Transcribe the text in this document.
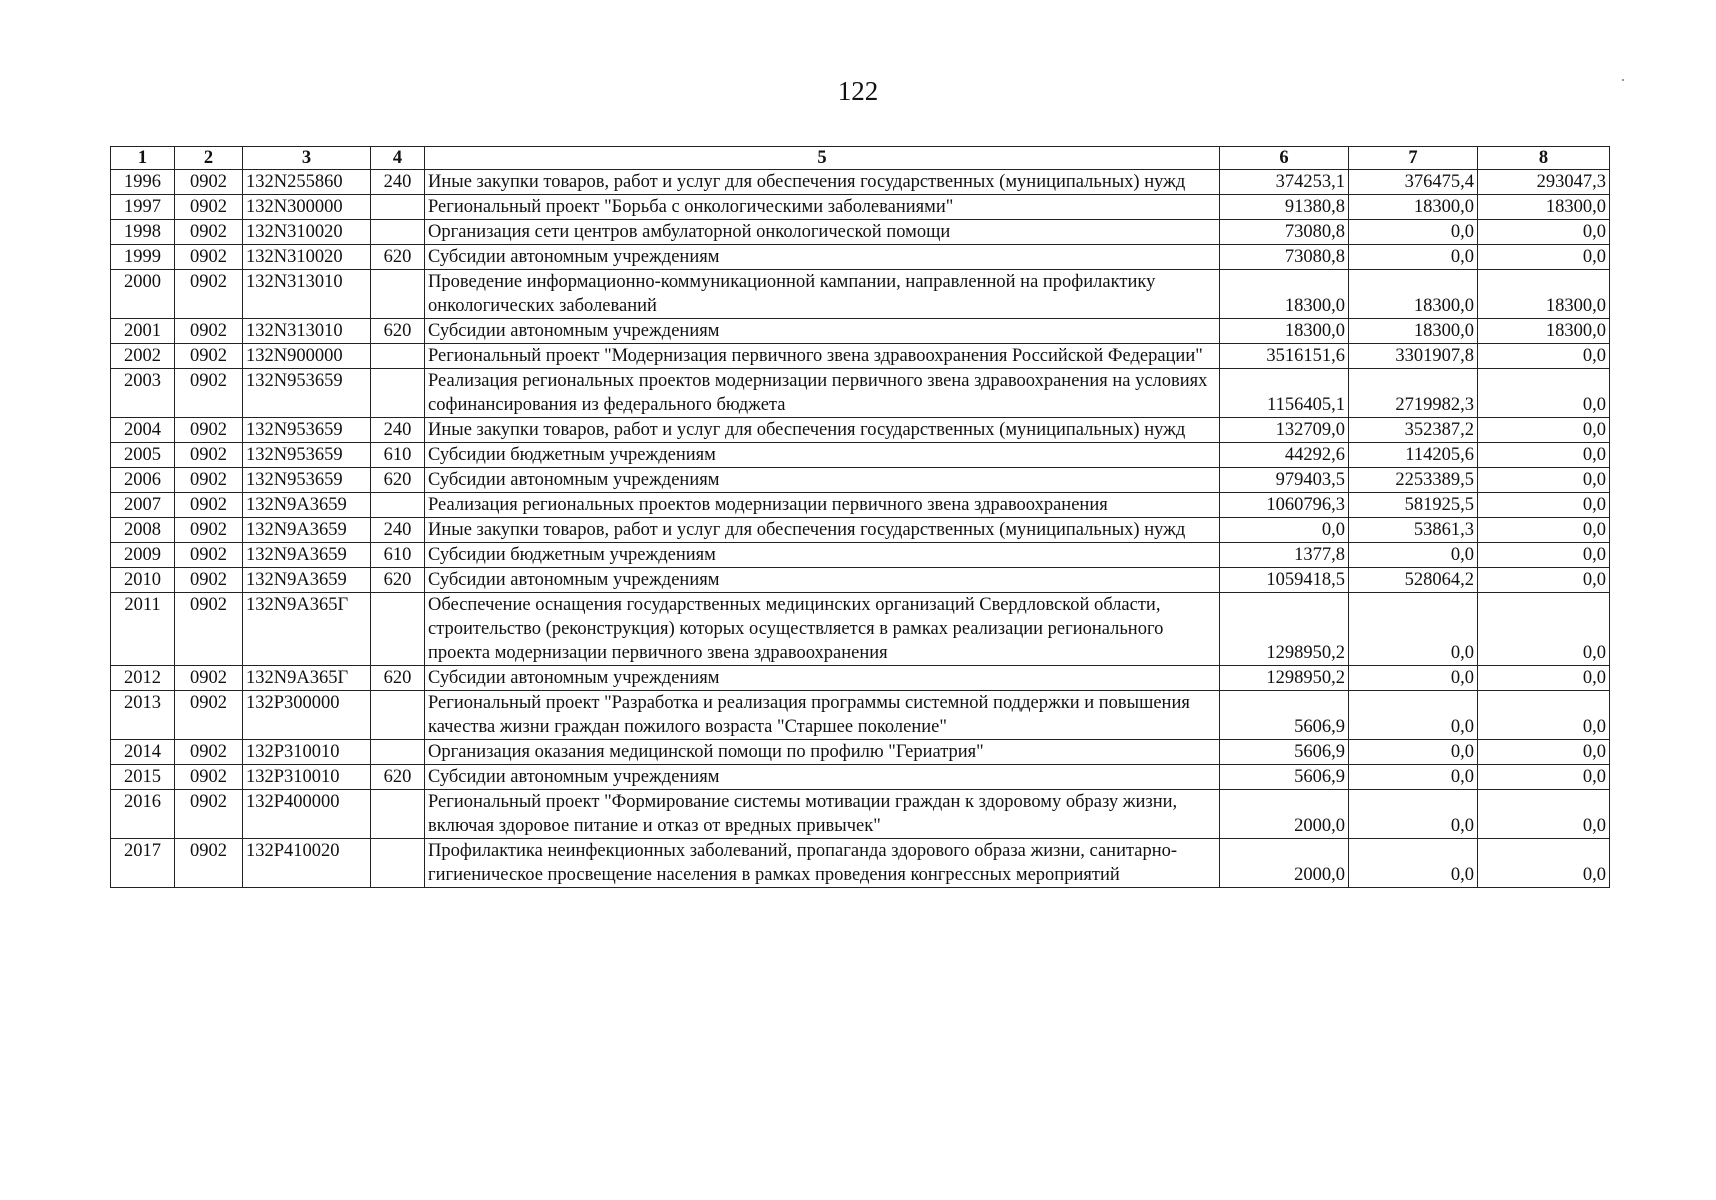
122
1	2	3	4	5	6	7	8
1996	0902	132N255860	240	Иные закупки товаров, работ и услуг для обеспечения государственных (муниципальных) нужд	374253,1	376475,4	293047,3
1997	0902	132N300000		Региональный проект "Борьба с онкологическими заболеваниями"	91380,8	18300,0	18300,0
1998	0902	132N310020		Организация сети центров амбулаторной онкологической помощи	73080,8	0,0	0,0
1999	0902	132N310020	620	Субсидии автономным учреждениям	73080,8	0,0	0,0
2000	0902	132N313010		Проведение информационно-коммуникационной кампании, направленной на профилактику онкологических заболеваний	18300,0	18300,0	18300,0
2001	0902	132N313010	620	Субсидии автономным учреждениям	18300,0	18300,0	18300,0
2002	0902	132N900000		Региональный проект "Модернизация первичного звена здравоохранения Российской Федерации"	3516151,6	3301907,8	0,0
2003	0902	132N953659		Реализация региональных проектов модернизации первичного звена здравоохранения на условиях софинансирования из федерального бюджета	1156405,1	2719982,3	0,0
2004	0902	132N953659	240	Иные закупки товаров, работ и услуг для обеспечения государственных (муниципальных) нужд	132709,0	352387,2	0,0
2005	0902	132N953659	610	Субсидии бюджетным учреждениям	44292,6	114205,6	0,0
2006	0902	132N953659	620	Субсидии автономным учреждениям	979403,5	2253389,5	0,0
2007	0902	132N9A3659		Реализация региональных проектов модернизации первичного звена здравоохранения	1060796,3	581925,5	0,0
2008	0902	132N9A3659	240	Иные закупки товаров, работ и услуг для обеспечения государственных (муниципальных) нужд	0,0	53861,3	0,0
2009	0902	132N9A3659	610	Субсидии бюджетным учреждениям	1377,8	0,0	0,0
2010	0902	132N9A3659	620	Субсидии автономным учреждениям	1059418,5	528064,2	0,0
2011	0902	132N9A365Г		Обеспечение оснащения государственных медицинских организаций Свердловской области, строительство (реконструкция) которых осуществляется в рамках реализации регионального проекта модернизации первичного звена здравоохранения	1298950,2	0,0	0,0
2012	0902	132N9A365Г	620	Субсидии автономным учреждениям	1298950,2	0,0	0,0
2013	0902	132P300000		Региональный проект "Разработка и реализация программы системной поддержки и повышения качества жизни граждан пожилого возраста "Старшее поколение"	5606,9	0,0	0,0
2014	0902	132P310010		Организация оказания медицинской помощи по профилю "Гериатрия"	5606,9	0,0	0,0
2015	0902	132P310010	620	Субсидии автономным учреждениям	5606,9	0,0	0,0
2016	0902	132P400000		Региональный проект "Формирование системы мотивации граждан к здоровому образу жизни, включая здоровое питание и отказ от вредных привычек"	2000,0	0,0	0,0
2017	0902	132P410020		Профилактика неинфекционных заболеваний, пропаганда здорового образа жизни, санитарно-гигиеническое просвещение населения в рамках проведения конгрессных мероприятий	2000,0	0,0	0,0
